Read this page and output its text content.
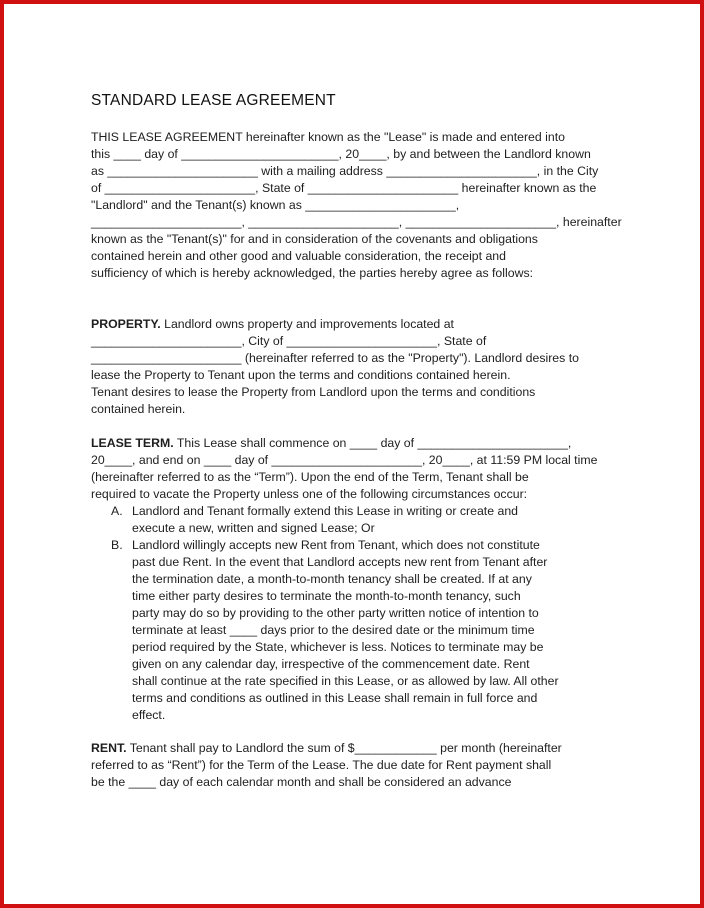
STANDARD LEASE AGREEMENT
THIS LEASE AGREEMENT hereinafter known as the "Lease" is made and entered into
this ____ day of _______________________, 20____, by and between the Landlord known
as ______________________ with a mailing address ______________________, in the City
of ______________________, State of ______________________ hereinafter known as the
"Landlord" and the Tenant(s) known as ______________________,
______________________, ______________________, ______________________, hereinafter
known as the "Tenant(s)" for and in consideration of the covenants and obligations
contained herein and other good and valuable consideration, the receipt and
sufficiency of which is hereby acknowledged, the parties hereby agree as follows:
PROPERTY. Landlord owns property and improvements located at
______________________, City of ______________________, State of
______________________ (hereinafter referred to as the "Property"). Landlord desires to
lease the Property to Tenant upon the terms and conditions contained herein.
Tenant desires to lease the Property from Landlord upon the terms and conditions
contained herein.
LEASE TERM. This Lease shall commence on ____ day of ______________________,
20____, and end on ____ day of ______________________, 20____, at 11:59 PM local time
(hereinafter referred to as the “Term”). Upon the end of the Term, Tenant shall be
required to vacate the Property unless one of the following circumstances occur:
A. Landlord and Tenant formally extend this Lease in writing or create and
execute a new, written and signed Lease; Or
B. Landlord willingly accepts new Rent from Tenant, which does not constitute
past due Rent. In the event that Landlord accepts new rent from Tenant after
the termination date, a month-to-month tenancy shall be created. If at any
time either party desires to terminate the month-to-month tenancy, such
party may do so by providing to the other party written notice of intention to
terminate at least ____ days prior to the desired date or the minimum time
period required by the State, whichever is less. Notices to terminate may be
given on any calendar day, irrespective of the commencement date. Rent
shall continue at the rate specified in this Lease, or as allowed by law. All other
terms and conditions as outlined in this Lease shall remain in full force and
effect.
RENT. Tenant shall pay to Landlord the sum of $____________ per month (hereinafter
referred to as “Rent”) for the Term of the Lease. The due date for Rent payment shall
be the ____ day of each calendar month and shall be considered an advance
